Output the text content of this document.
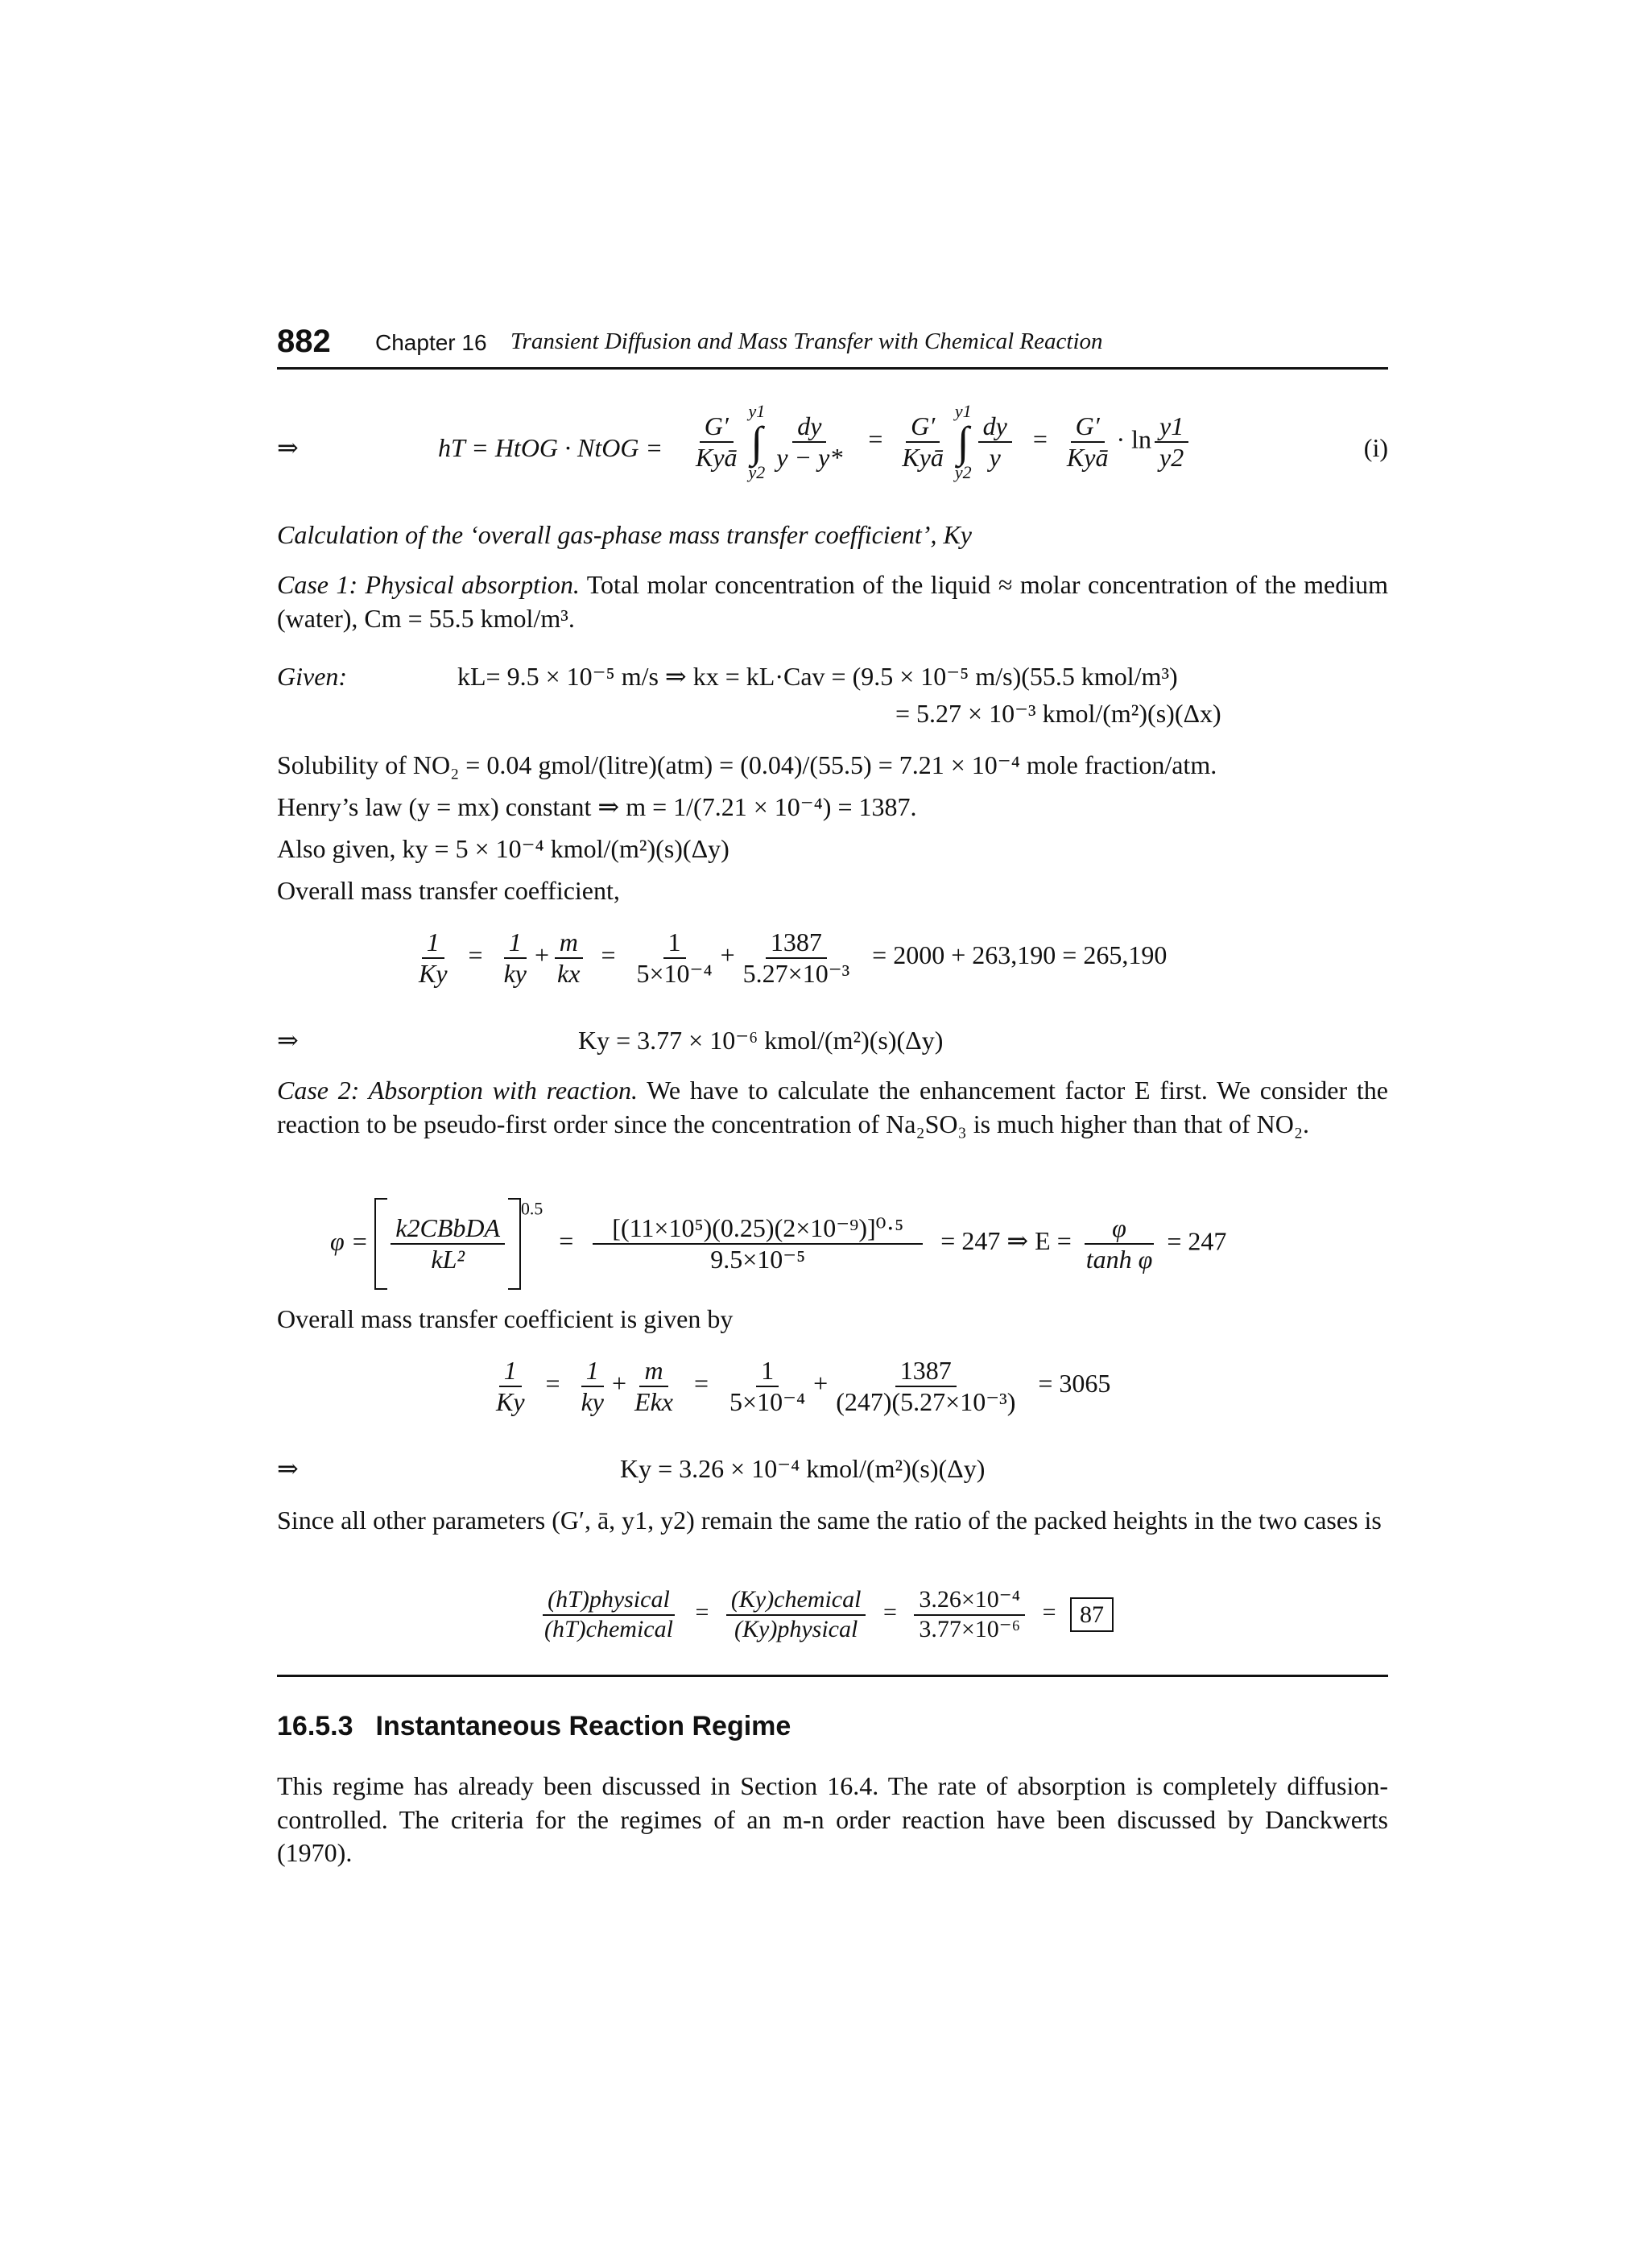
882 Chapter 16 Transient Diffusion and Mass Transfer with Chemical Reaction
⇒	hT = HtOG · NtOG = $\frac{G'}{\text{Kyā}}$
y1
∫
$y2 \frac{dy}{y - y*} = \frac{G'}{\text{Kyā}}$
y1
∫
$y2 \frac{dy}{y} = \frac{G'}{\text{Kyā}} \cdot \ln \frac{y1}{y2}$	(i)

Calculation of the ‘overall gas-phase mass transfer coefficient’, Ky

Case 1: Physical absorption. Total molar concentration of the liquid ≈ molar concentration of the medium (water), Cm = 55.5 kmol/m³.

Given:	kL= 9.5 × 10⁻⁵ m/s ⇒ kx = kL·Cav = (9.5 × 10⁻⁵ m/s)(55.5 kmol/m³)
= 5.27 × 10⁻³ kmol/(m²)(s)(Δx)
Solubility of NO₂ = 0.04 gmol/(litre)(atm) = (0.04)/(55.5) = 7.21 × 10⁻⁴ mole fraction/atm.
Henry’s law (y = mx) constant ⇒ m = 1/(7.21 × 10⁻⁴) = 1387.
Also given, ky = 5 × 10⁻⁴ kmol/(m²)(s)(Δy)
Overall mass transfer coefficient,
$\frac{1}{Ky} = \frac{1}{ky} + \frac{m}{kx} = \frac{1}{\text{5×10⁻⁴}} + \frac{1387}{\text{5.27×10⁻³}} = 2000 + 263,190 = 265,190$
⇒	Ky = 3.77 × 10⁻⁶ kmol/(m²)(s)(Δy)

Case 2: Absorption with reaction. We have to calculate the enhancement factor E first. We consider the reaction to be pseudo-first order since the concentration of Na₂SO₃ is much higher than that of NO₂.

$\varphi = \frac{\text{k2CBbDA}}{\text{kL²}}$
$^{0.5} = \frac{\text{[(11×10⁵)(0.25)(2×10⁻⁹)]⁰·⁵}}{\text{9.5×10⁻⁵}} = 247$ ⇒ $E = \frac{\varphi}{\text{tanh φ}} = 247$
Overall mass transfer coefficient is given by
$\frac{1}{Ky} = \frac{1}{ky} + \frac{m}{\text{Ekx}} = \frac{1}{\text{5×10⁻⁴}} + \frac{1387}{\text{(247)(5.27×10⁻³)}} = 3065$
⇒	Ky = 3.26 × 10⁻⁴ kmol/(m²)(s)(Δy)

Since all other parameters (G′, ā, y1, y2) remain the same the ratio of the packed heights in the two cases is

$\frac{\text{(hT)physical}}{\text{(hT)chemical}} = \frac{\text{(Ky)chemical}}{\text{(Ky)physical}} = \frac{\text{3.26×10⁻⁴}}{\text{3.77×10⁻⁶}} = 87$
16.5.3 Instantaneous Reaction Regime

This regime has already been discussed in Section 16.4. The rate of absorption is completely diffusion-controlled. The criteria for the regimes of an m-n order reaction have been discussed by Danckwerts (1970).
